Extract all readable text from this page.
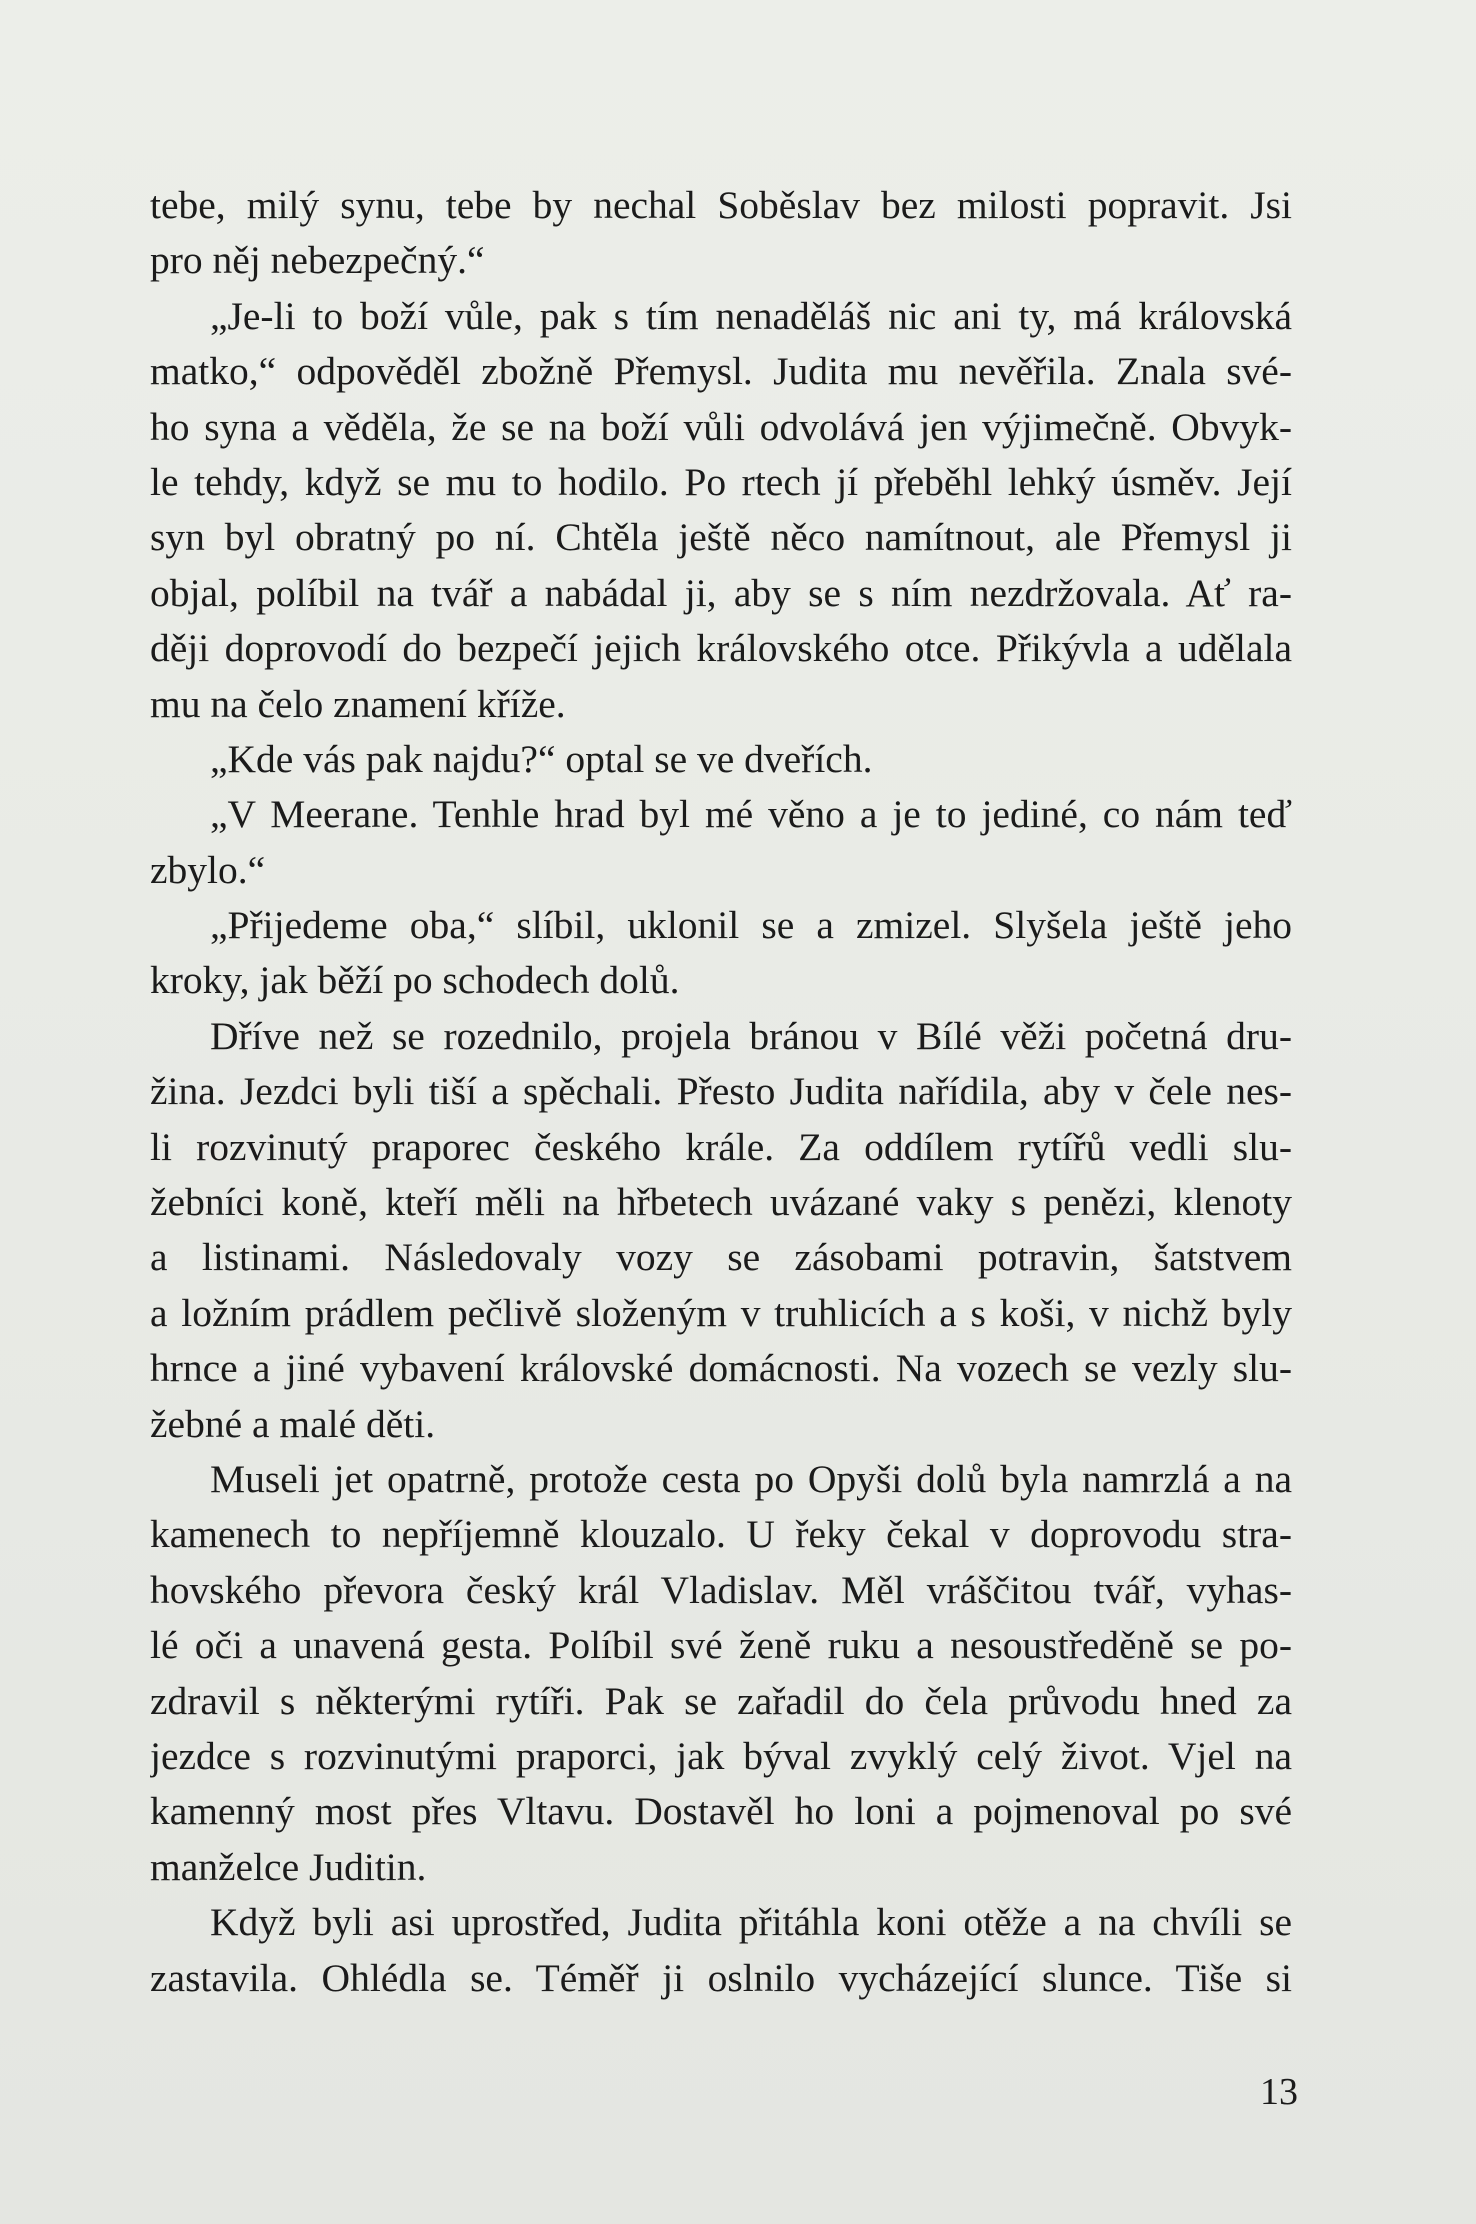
tebe, milý synu, tebe by nechal Soběslav bez milosti popravit. Jsi
pro něj nebezpečný.“
„Je-li to boží vůle, pak s tím nenaděláš nic ani ty, má královská
matko,“ odpověděl zbožně Přemysl. Judita mu nevěřila. Znala své-
ho syna a věděla, že se na boží vůli odvolává jen výjimečně. Obvyk-
le tehdy, když se mu to hodilo. Po rtech jí přeběhl lehký úsměv. Její
syn byl obratný po ní. Chtěla ještě něco namítnout, ale Přemysl ji
objal, políbil na tvář a nabádal ji, aby se s ním nezdržovala. Ať ra-
ději doprovodí do bezpečí jejich královského otce. Přikývla a udělala
mu na čelo znamení kříže.
„Kde vás pak najdu?“ optal se ve dveřích.
„V Meerane. Tenhle hrad byl mé věno a je to jediné, co nám teď
zbylo.“
„Přijedeme oba,“ slíbil, uklonil se a zmizel. Slyšela ještě jeho
kroky, jak běží po schodech dolů.
Dříve než se rozednilo, projela bránou v Bílé věži početná dru-
žina. Jezdci byli tiší a spěchali. Přesto Judita nařídila, aby v čele nes-
li rozvinutý praporec českého krále. Za oddílem rytířů vedli slu-
žebníci koně, kteří měli na hřbetech uvázané vaky s penězi, klenoty
a listinami. Následovaly vozy se zásobami potravin, šatstvem
a ložním prádlem pečlivě složeným v truhlicích a s koši, v nichž byly
hrnce a jiné vybavení královské domácnosti. Na vozech se vezly slu-
žebné a malé děti.
Museli jet opatrně, protože cesta po Opyši dolů byla namrzlá a na
kamenech to nepříjemně klouzalo. U řeky čekal v doprovodu stra-
hovského převora český král Vladislav. Měl vráščitou tvář, vyhas-
lé oči a unavená gesta. Políbil své ženě ruku a nesoustředěně se po-
zdravil s některými rytíři. Pak se zařadil do čela průvodu hned za
jezdce s rozvinutými praporci, jak býval zvyklý celý život. Vjel na
kamenný most přes Vltavu. Dostavěl ho loni a pojmenoval po své
manželce Juditin.
Když byli asi uprostřed, Judita přitáhla koni otěže a na chvíli se
zastavila. Ohlédla se. Téměř ji oslnilo vycházející slunce. Tiše si
13
